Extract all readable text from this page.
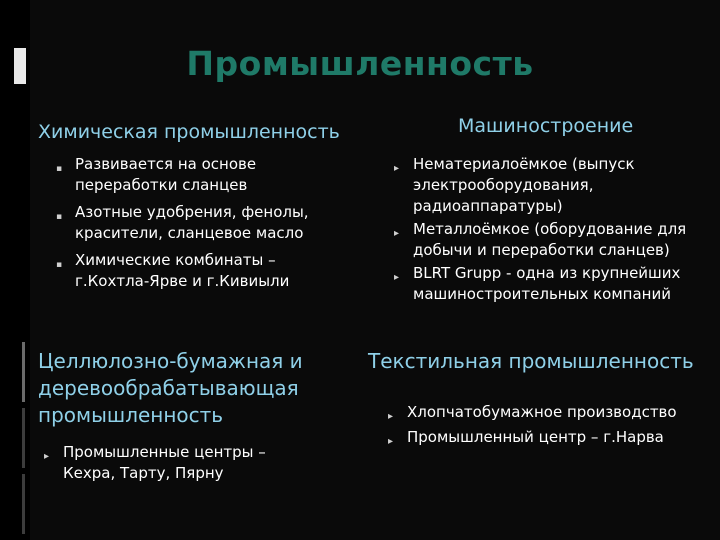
Промышленность
Химическая промышленность
▪ Развивается на основе переработки сланцев
▪ Азотные удобрения, фенолы, красители, сланцевое масло
▪ Химические комбинаты – г.Кохтла-Ярве и г.Кивиыли
Машиностроение
▸ Нематериалоёмкое (выпуск электрооборудования, радиоаппаратуры)
▸ Металлоёмкое (оборудование для добычи и переработки сланцев)
▸ BLRT Grupp - одна из крупнейших машиностроительных компаний
Целлюлозно-бумажная и деревообрабатывающая промышленность
▸ Промышленные центры – Кехра, Тарту, Пярну
Текстильная промышленность
▸ Хлопчатобумажное производство
▸ Промышленный центр – г.Нарва
